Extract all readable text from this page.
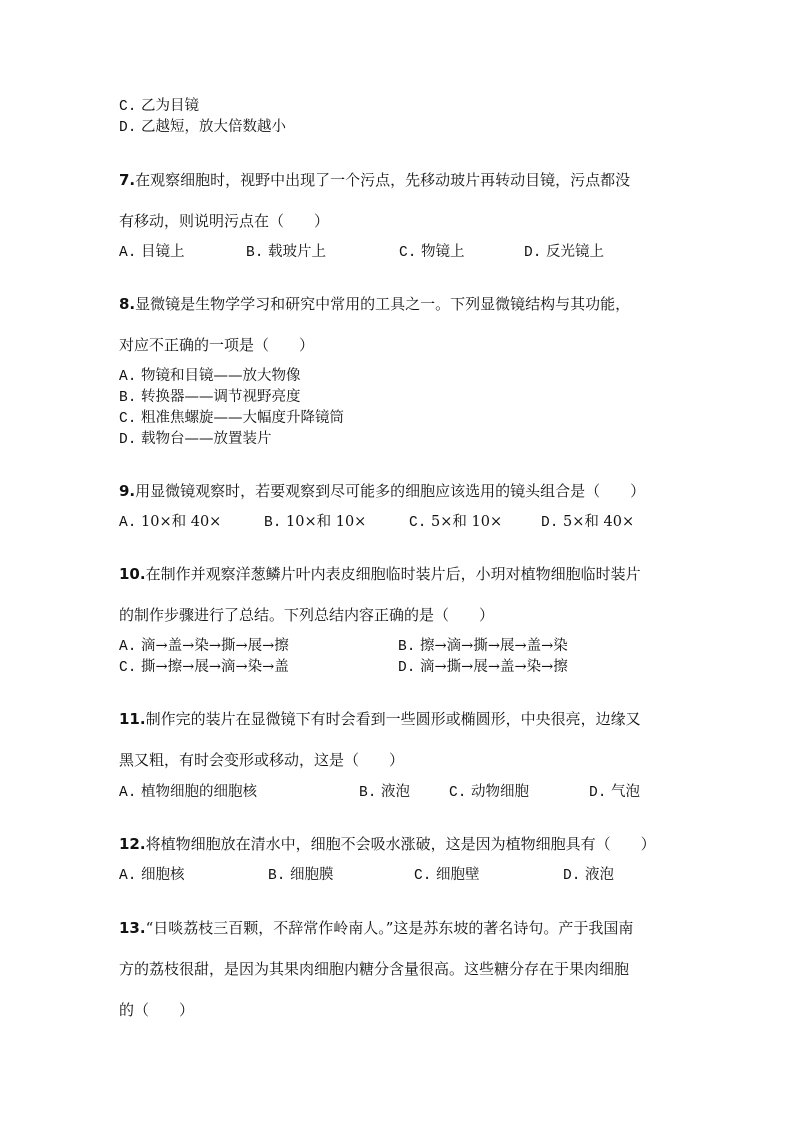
C. 乙为目镜
D. 乙越短，放大倍数越小
7.在观察细胞时，视野中出现了一个污点，先移动玻片再转动目镜，污点都没
有移动，则说明污点在（　　）
A. 目镜上	B. 载玻片上	C. 物镜上	D. 反光镜上
8.显微镜是生物学学习和研究中常用的工具之一。下列显微镜结构与其功能，
对应不正确的一项是（　　）
A. 物镜和目镜——放大物像
B. 转换器——调节视野亮度
C. 粗准焦螺旋——大幅度升降镜筒
D. 载物台——放置装片
9.用显微镜观察时，若要观察到尽可能多的细胞应该选用的镜头组合是（　　）
A. 10×和 40×	B. 10×和 10×	C. 5×和 10×	D. 5×和 40×
10.在制作并观察洋葱鳞片叶内表皮细胞临时装片后，小玥对植物细胞临时装片
的制作步骤进行了总结。下列总结内容正确的是（　　）
A. 滴→盖→染→撕→展→擦	B. 擦→滴→撕→展→盖→染
C. 撕→擦→展→滴→染→盖	D. 滴→撕→展→盖→染→擦
11.制作完的装片在显微镜下有时会看到一些圆形或椭圆形，中央很亮，边缘又
黑又粗，有时会变形或移动，这是（　　）
A. 植物细胞的细胞核	B. 液泡	C. 动物细胞	D. 气泡
12.将植物细胞放在清水中，细胞不会吸水涨破，这是因为植物细胞具有（　　）
A. 细胞核	B. 细胞膜	C. 细胞壁	D. 液泡
13.“日啖荔枝三百颗，不辞常作岭南人。”这是苏东坡的著名诗句。产于我国南
方的荔枝很甜，是因为其果肉细胞内糖分含量很高。这些糖分存在于果肉细胞
的（　　）
